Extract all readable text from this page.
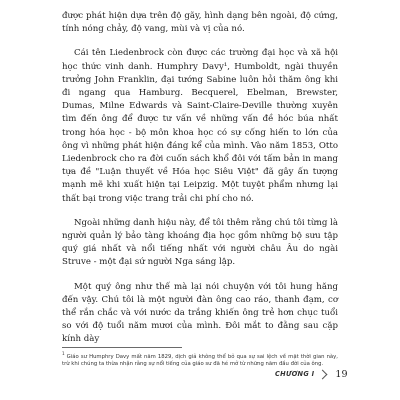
được phát hiện dựa trên độ gãy, hình dạng bên ngoài, độ cứng, tính nóng chảy, độ vang, mùi và vị của nó.

Cái tên Liedenbrock còn được các trường đại học và xã hội học thức vinh danh. Humphry Davy¹, Humboldt, ngài thuyền trưởng John Franklin, đại tướng Sabine luôn hỏi thăm ông khi đi ngang qua Hamburg. Becquerel, Ebelman, Brewster, Dumas, Milne Edwards và Saint-Claire-Deville thường xuyên tìm đến ông để được tư vấn về những vấn đề hóc búa nhất trong hóa học - bộ môn khoa học có sự cống hiến to lớn của ông vì những phát hiện đáng kể của mình. Vào năm 1853, Otto Liedenbrock cho ra đời cuốn sách khổ đôi với tấm bản in mang tựa đề "Luận thuyết về Hóa học Siêu Việt" đã gây ấn tượng mạnh mẽ khi xuất hiện tại Leipzig. Một tuyệt phẩm nhưng lại thất bại trong việc trang trải chi phí cho nó.

Ngoài những danh hiệu này, để tôi thêm rằng chú tôi từng là người quản lý bảo tàng khoáng địa học gồm những bộ sưu tập quý giá nhất và nổi tiếng nhất với người châu Âu do ngài Struve - một đại sứ người Nga sáng lập.

Một quý ông như thế mà lại nói chuyện với tôi hung hăng đến vậy. Chú tôi là một người đàn ông cao ráo, thanh đạm, cơ thể rắn chắc và với nước da trắng khiến ông trẻ hơn chục tuổi so với độ tuổi năm mươi của mình. Đôi mắt to đằng sau cặp kính dày

$^1$Giáo sư Humphry Davy mất năm 1829, dịch giả không thể bỏ qua sự sai lệch về mặt thời gian này, trừ khi chúng ta thừa nhận rằng sự nổi tiếng của giáo sư đã hé mở từ những năm đầu đời của ông.
CHƯƠNG I 19
